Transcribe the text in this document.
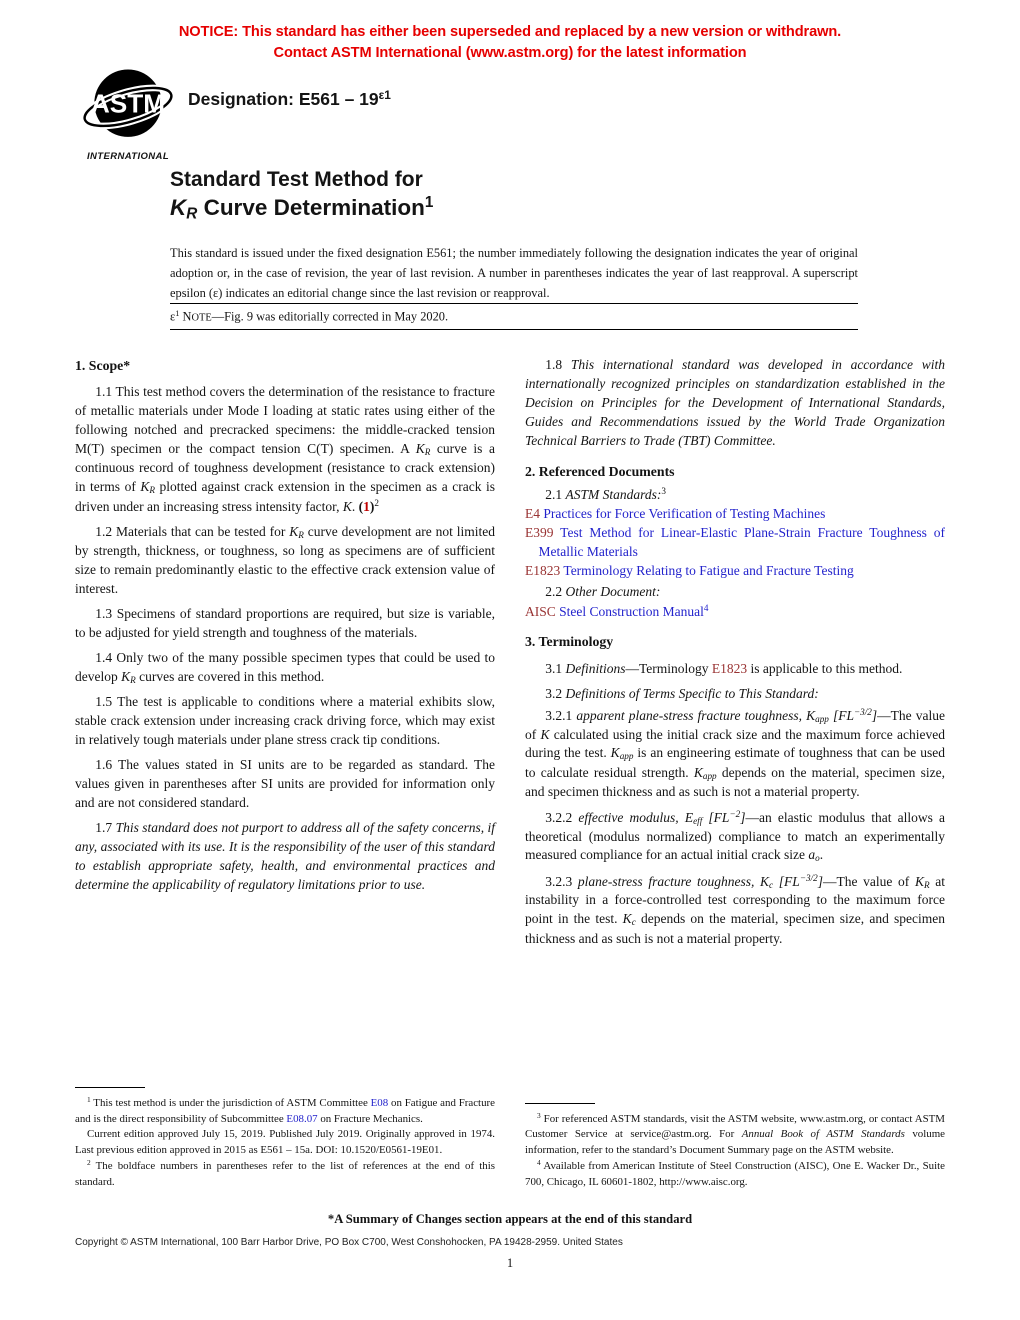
NOTICE: This standard has either been superseded and replaced by a new version or withdrawn.
Contact ASTM International (www.astm.org) for the latest information
ASTM
INTERNATIONAL
Designation: $E561 - 19^{\varepsilon 1}$
Standard Test Method for
$K_R$ Curve Determination$^1$
This standard is issued under the fixed designation E561; the number immediately following the designation indicates the year of original adoption or, in the case of revision, the year of last revision. A number in parentheses indicates the year of last reapproval. A superscript epsilon (ε) indicates an editorial change since the last revision or reapproval.
$\varepsilon^1$ NOTE—Fig. 9 was editorially corrected in May 2020.
1. Scope*

1.1 This test method covers the determination of the resistance to fracture of metallic materials under Mode I loading at static rates using either of the following notched and precracked specimens: the middle-cracked tension M(T) specimen or the compact tension C(T) specimen. A $K_R$ curve is a continuous record of toughness development (resistance to crack extension) in terms of $K_R$ plotted against crack extension in the specimen as a crack is driven under an increasing stress intensity factor, K. $(1)^2$

1.2 Materials that can be tested for $K_R$ curve development are not limited by strength, thickness, or toughness, so long as specimens are of sufficient size to remain predominantly elastic to the effective crack extension value of interest.

1.3 Specimens of standard proportions are required, but size is variable, to be adjusted for yield strength and toughness of the materials.

1.4 Only two of the many possible specimen types that could be used to develop $K_R$ curves are covered in this method.

1.5 The test is applicable to conditions where a material exhibits slow, stable crack extension under increasing crack driving force, which may exist in relatively tough materials under plane stress crack tip conditions.

1.6 The values stated in SI units are to be regarded as standard. The values given in parentheses after SI units are provided for information only and are not considered standard.

1.7 This standard does not purport to address all of the safety concerns, if any, associated with its use. It is the responsibility of the user of this standard to establish appropriate safety, health, and environmental practices and determine the applicability of regulatory limitations prior to use.

$^1$ This test method is under the jurisdiction of ASTM Committee E08 on Fatigue and Fracture and is the direct responsibility of Subcommittee E08.07 on Fracture Mechanics.

Current edition approved July 15, 2019. Published July 2019. Originally approved in 1974. Last previous edition approved in 2015 as E561 – 15a. DOI: 10.1520/E0561-19E01.

$^2$ The boldface numbers in parentheses refer to the list of references at the end of this standard.

1.8 This international standard was developed in accordance with internationally recognized principles on standardization established in the Decision on Principles for the Development of International Standards, Guides and Recommendations issued by the World Trade Organization Technical Barriers to Trade (TBT) Committee.

2. Referenced Documents

2.1 ASTM Standards:$^3$

E4 Practices for Force Verification of Testing Machines

E399 Test Method for Linear-Elastic Plane-Strain Fracture Toughness of Metallic Materials

E1823 Terminology Relating to Fatigue and Fracture Testing

2.2 Other Document:

AISC Steel Construction Manual$^4$

3. Terminology

3.1 Definitions—Terminology E1823 is applicable to this method.

3.2 Definitions of Terms Specific to This Standard:

3.2.1 apparent plane-stress fracture toughness, $K_{app}$ $[FL^{-3/2}]—The$ value of K calculated using the initial crack size and the maximum force achieved during the test. $K_{app}$ is an engineering estimate of toughness that can be used to calculate residual strength. $K_{app}$ depends on the material, specimen size, and specimen thickness and as such is not a material property.

3.2.2 effective modulus, $E_{eff}$ $[FL^{-2}]—an$ elastic modulus that allows a theoretical (modulus normalized) compliance to match an experimentally measured compliance for an actual initial crack size $a_o$.

3.2.3 plane-stress fracture toughness, $K_c$ $[FL^{-3/2}]—The$ value of $K_R$ at instability in a force-controlled test corresponding to the maximum force point in the test. $K_c$ depends on the material, specimen size, and specimen thickness and as such is not a material property.

$^3$ For referenced ASTM standards, visit the ASTM website, www.astm.org, or contact ASTM Customer Service at service@astm.org. For Annual Book of ASTM Standards volume information, refer to the standard’s Document Summary page on the ASTM website.

$^4$ Available from American Institute of Steel Construction (AISC), One E. Wacker Dr., Suite 700, Chicago, IL 60601-1802, http://www.aisc.org.

*A Summary of Changes section appears at the end of this standard
Copyright © ASTM International, 100 Barr Harbor Drive, PO Box C700, West Conshohocken, PA 19428-2959. United States
1
